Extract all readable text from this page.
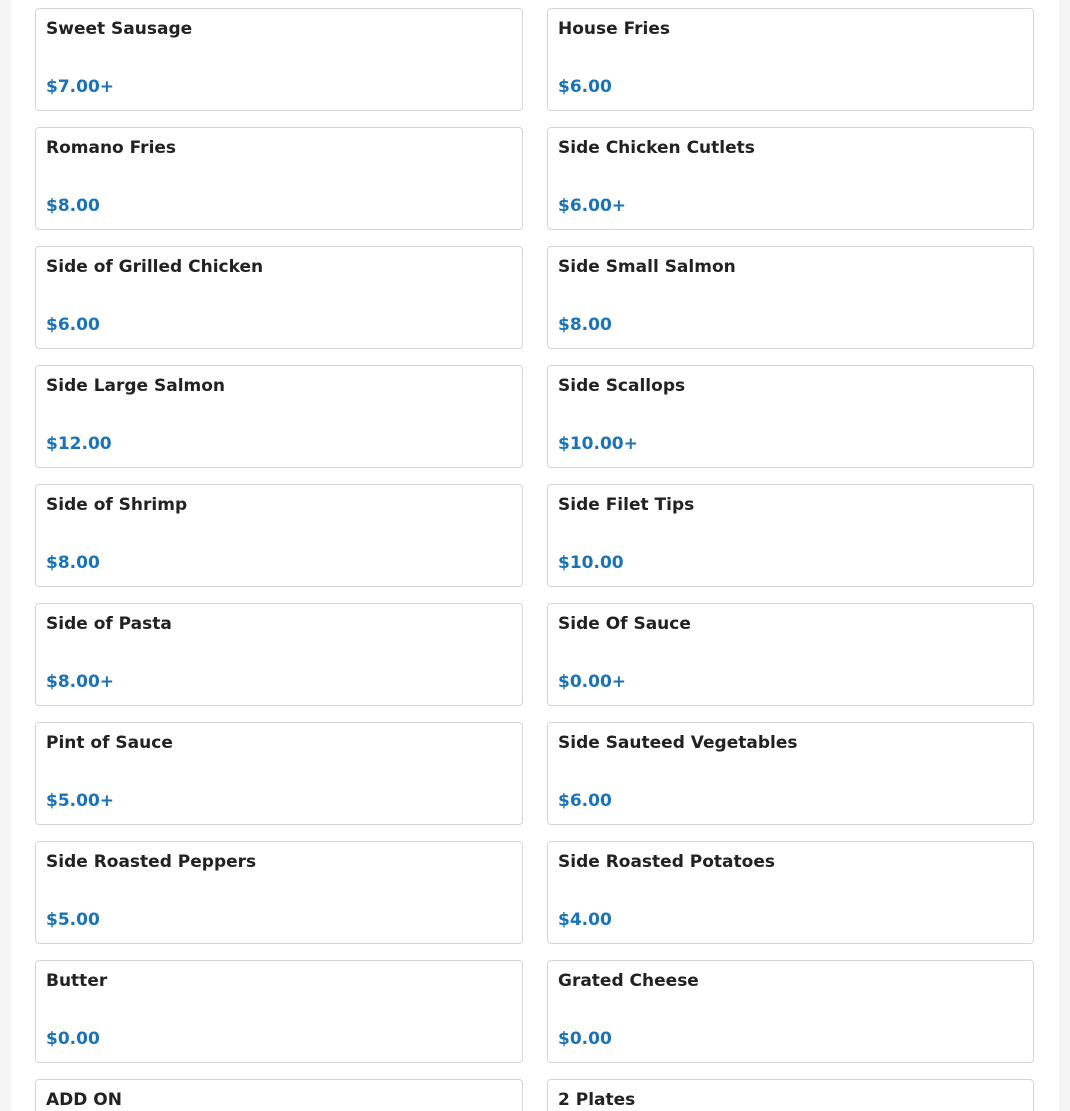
Sweet Sausage
$7.00+
House Fries
$6.00
Romano Fries
$8.00
Side Chicken Cutlets
$6.00+
Side of Grilled Chicken
$6.00
Side Small Salmon
$8.00
Side Large Salmon
$12.00
Side Scallops
$10.00+
Side of Shrimp
$8.00
Side Filet Tips
$10.00
Side of Pasta
$8.00+
Side Of Sauce
$0.00+
Pint of Sauce
$5.00+
Side Sauteed Vegetables
$6.00
Side Roasted Peppers
$5.00
Side Roasted Potatoes
$4.00
Butter
$0.00
Grated Cheese
$0.00
ADD ON	2 Plates
